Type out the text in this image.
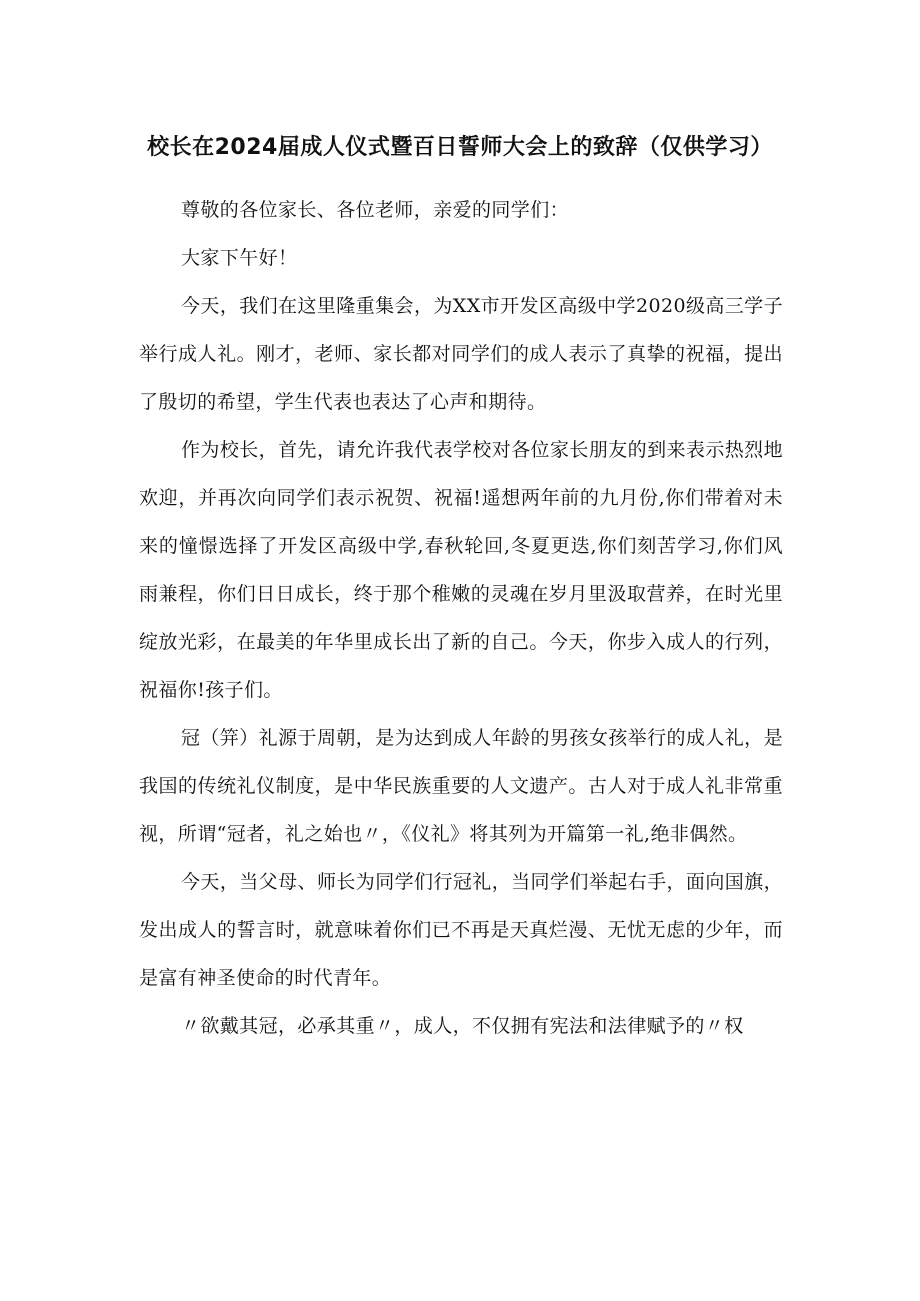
校长在2024届成人仪式暨百日誓师大会上的致辞（仅供学习）

尊敬的各位家长、各位老师，亲爱的同学们：

大家下午好！

今天，我们在这里隆重集会，为XX市开发区高级中学2020级高三学子举行成人礼。刚才，老师、家长都对同学们的成人表示了真挚的祝福，提出了殷切的希望，学生代表也表达了心声和期待。

作为校长，首先，请允许我代表学校对各位家长朋友的到来表示热烈地欢迎，并再次向同学们表示祝贺、祝福!遥想两年前的九月份,你们带着对未来的憧憬选择了开发区高级中学,春秋轮回,冬夏更迭,你们刻苦学习,你们风雨兼程，你们日日成长，终于那个稚嫩的灵魂在岁月里汲取营养，在时光里绽放光彩，在最美的年华里成长出了新的自己。今天，你步入成人的行列，祝福你!孩子们。

冠（笄）礼源于周朝，是为达到成人年龄的男孩女孩举行的成人礼，是我国的传统礼仪制度，是中华民族重要的人文遗产。古人对于成人礼非常重视，所谓“冠者，礼之始也〃，《仪礼》将其列为开篇第一礼,绝非偶然。

今天，当父母、师长为同学们行冠礼，当同学们举起右手，面向国旗，发出成人的誓言时，就意味着你们已不再是天真烂漫、无忧无虑的少年，而是富有神圣使命的时代青年。

〃欲戴其冠，必承其重〃，成人，不仅拥有宪法和法律赋予的〃权
